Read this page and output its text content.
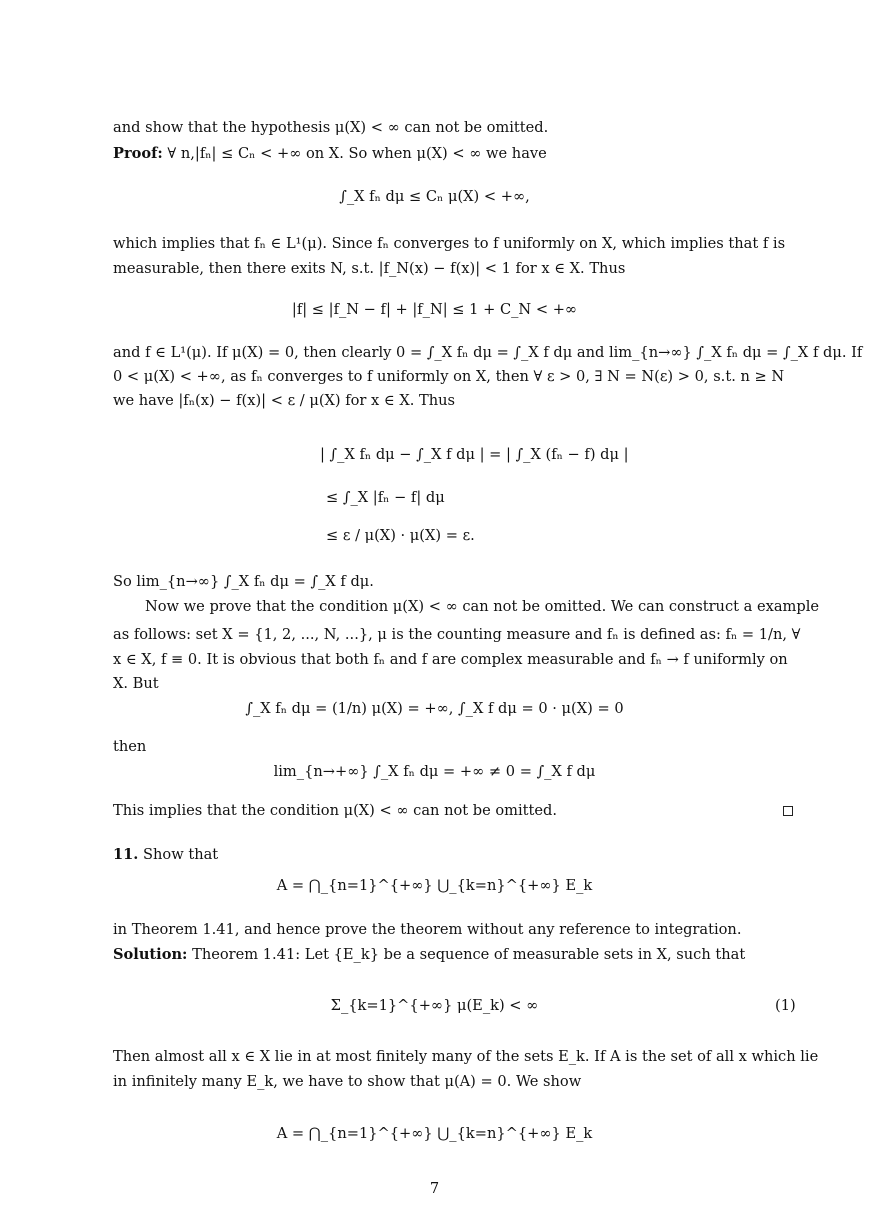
and show that the hypothesis μ(X) < ∞ can not be omitted.
Proof: ∀ n,|fₙ| ≤ Cₙ < +∞ on X. So when μ(X) < ∞ we have
∫_X fₙ dμ ≤ Cₙ μ(X) < +∞,
which implies that fₙ ∈ L¹(μ). Since fₙ converges to f uniformly on X, which implies that f is
measurable, then there exits N, s.t. |f_N(x) − f(x)| < 1 for x ∈ X. Thus
|f| ≤ |f_N − f| + |f_N| ≤ 1 + C_N < +∞
and f ∈ L¹(μ). If μ(X) = 0, then clearly 0 = ∫_X fₙ dμ = ∫_X f dμ and lim_{n→∞} ∫_X fₙ dμ = ∫_X f dμ. If
0 < μ(X) < +∞, as fₙ converges to f uniformly on X, then ∀ ε > 0, ∃ N = N(ε) > 0, s.t. n ≥ N
we have |fₙ(x) − f(x)| < ε / μ(X) for x ∈ X. Thus
| ∫_X fₙ dμ − ∫_X f dμ | = | ∫_X (fₙ − f) dμ |
≤ ∫_X |fₙ − f| dμ
≤ ε / μ(X) · μ(X) = ε.
So lim_{n→∞} ∫_X fₙ dμ = ∫_X f dμ.
Now we prove that the condition μ(X) < ∞ can not be omitted. We can construct a example
as follows: set X = {1, 2, ..., N, ...}, μ is the counting measure and fₙ is defined as: fₙ = 1/n, ∀
x ∈ X, f ≡ 0. It is obvious that both fₙ and f are complex measurable and fₙ → f uniformly on
X. But
∫_X fₙ dμ = (1/n) μ(X) = +∞, ∫_X f dμ = 0 · μ(X) = 0
then
lim_{n→+∞} ∫_X fₙ dμ = +∞ ≠ 0 = ∫_X f dμ
This implies that the condition μ(X) < ∞ can not be omitted.
11. Show that
A = ⋂_{n=1}^{+∞} ⋃_{k=n}^{+∞} E_k
in Theorem 1.41, and hence prove the theorem without any reference to integration.
Solution: Theorem 1.41: Let {E_k} be a sequence of measurable sets in X, such that
Σ_{k=1}^{+∞} μ(E_k) < ∞	(1)
Then almost all x ∈ X lie in at most finitely many of the sets E_k. If A is the set of all x which lie
in infinitely many E_k, we have to show that μ(A) = 0. We show
A = ⋂_{n=1}^{+∞} ⋃_{k=n}^{+∞} E_k
7
